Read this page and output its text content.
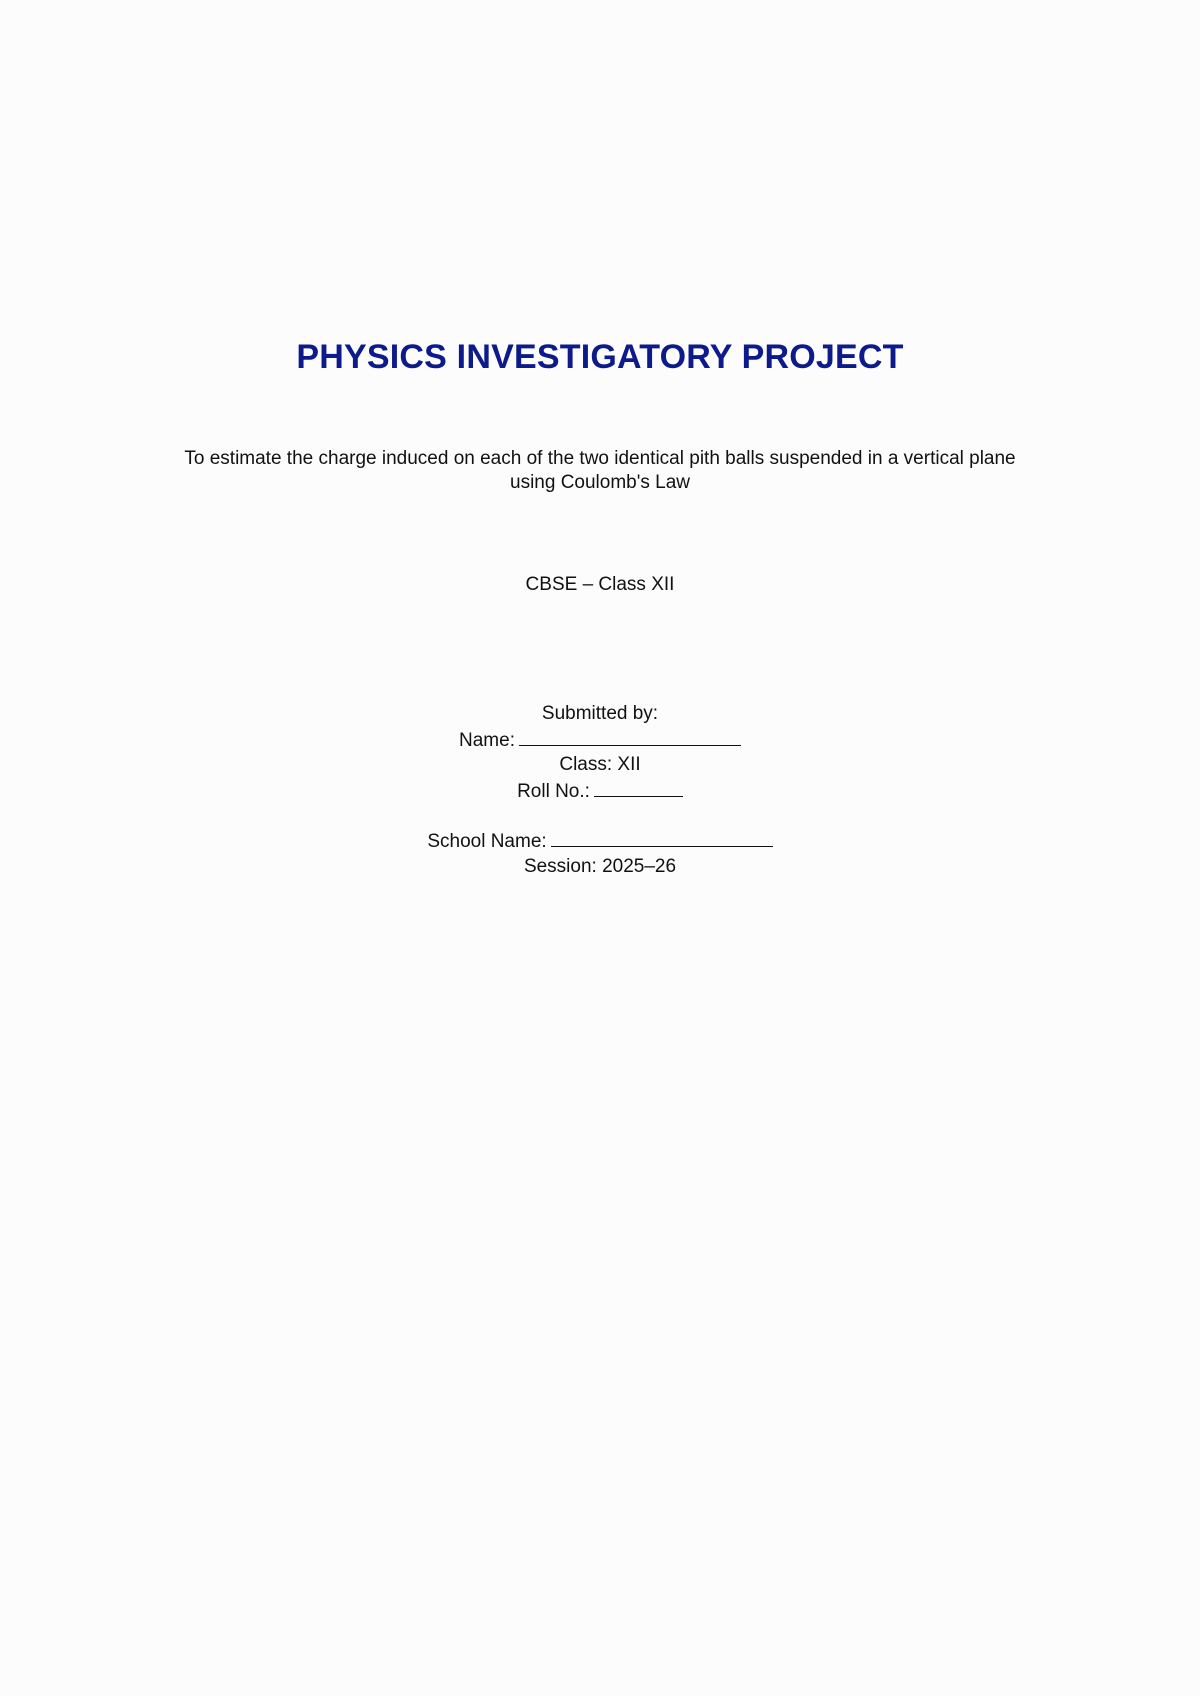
PHYSICS INVESTIGATORY PROJECT
To estimate the charge induced on each of the two identical pith balls suspended in a vertical plane
using Coulomb's Law
CBSE – Class XII
Submitted by:
Name:
Class: XII
Roll No.:
School Name:
Session: 2025–26
